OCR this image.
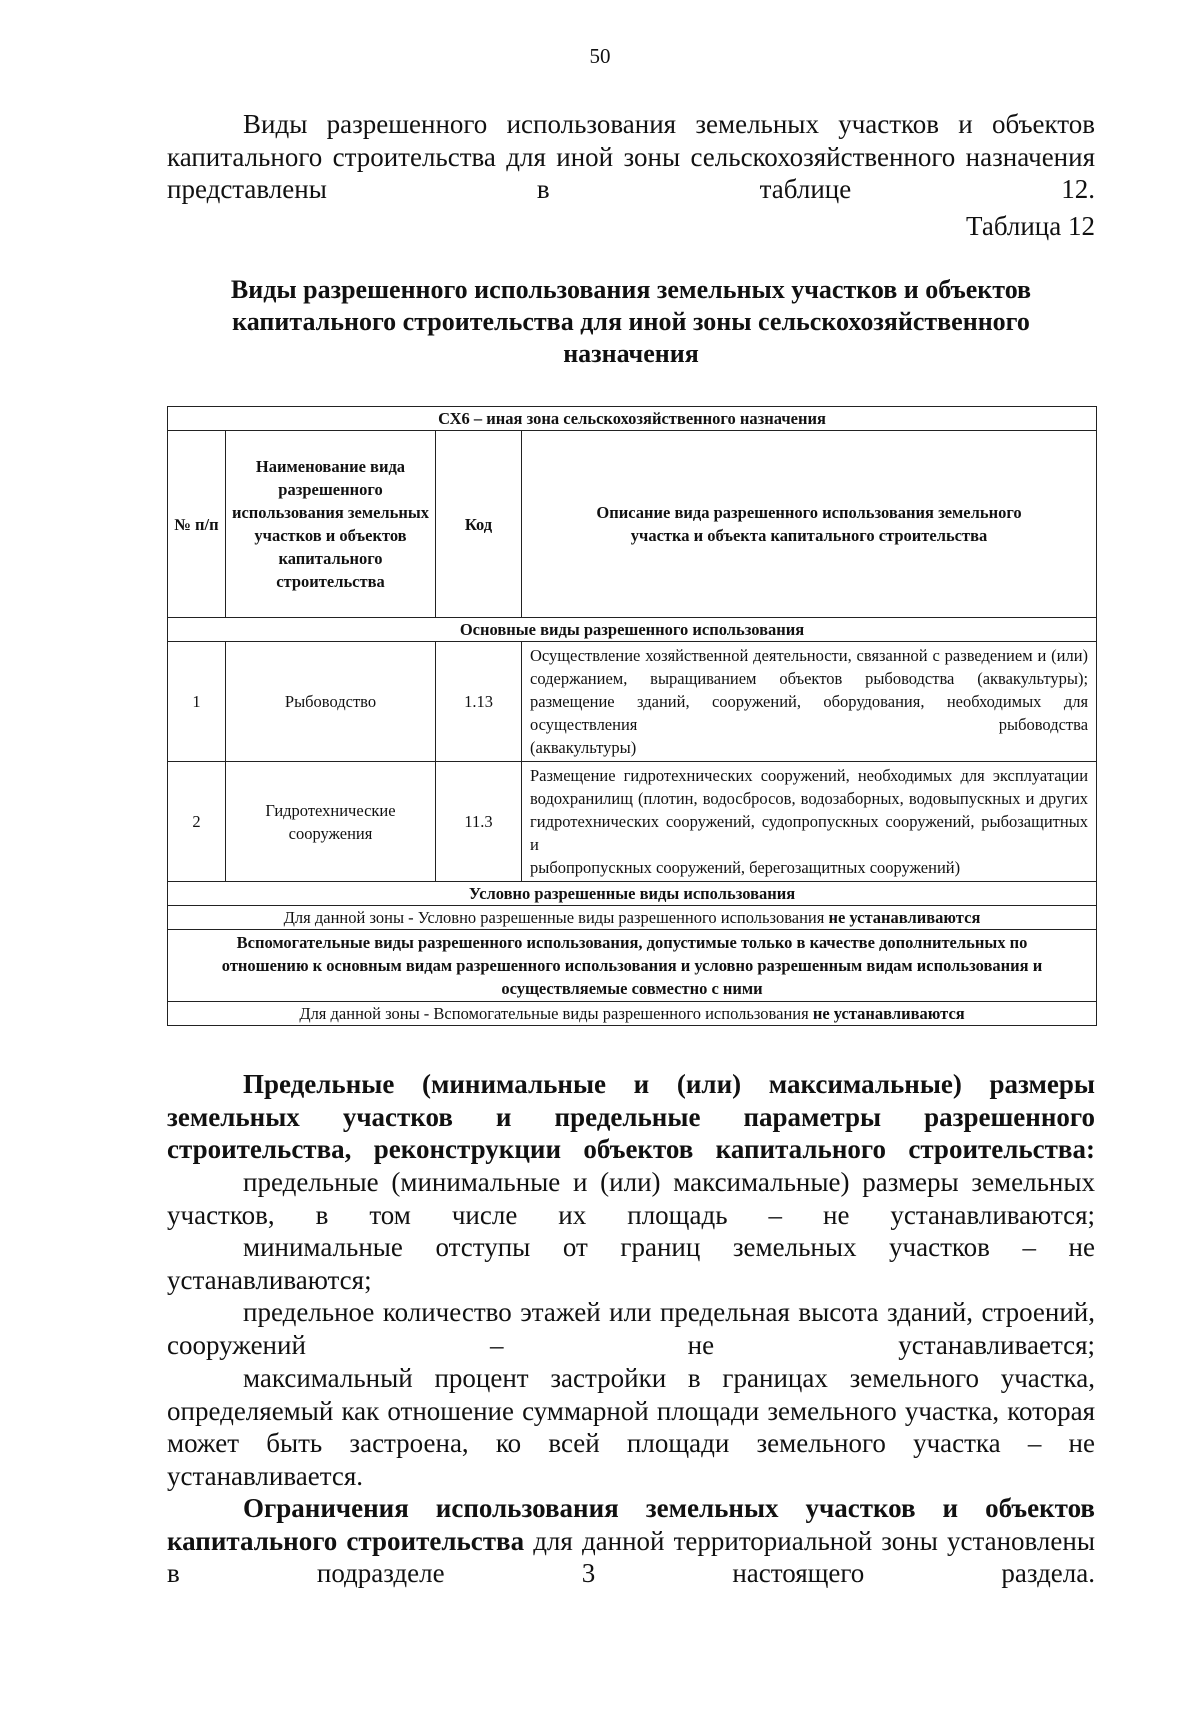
50
Виды разрешенного использования земельных участков и объектов капитального строительства для иной зоны сельскохозяйственного назначения представлены в таблице 12.
Таблица 12
Виды разрешенного использования земельных участков и объектов капитального строительства для иной зоны сельскохозяйственного назначения
СХ6 – иная зона сельскохозяйственного назначения			
№ п/п	Наименование вида разрешенного использования земельных участков и объектов капитального строительства	Код	Описание вида разрешенного использования земельного участка и объекта капитального строительства
Основные виды разрешенного использования			
1	Рыбоводство	1.13	Осуществление хозяйственной деятельности, связанной с разведением и (или) содержанием, выращиванием объектов рыбоводства (аквакультуры); размещение зданий, сооружений, оборудования, необходимых для осуществления рыбоводства
(аквакультуры)

2	Гидротехнические сооружения	11.3	Размещение гидротехнических сооружений, необходимых для эксплуатации водохранилищ (плотин, водосбросов, водозаборных, водовыпускных и других гидротехнических сооружений, судопропускных сооружений, рыбозащитных и
рыбопропускных сооружений, берегозащитных сооружений)

Условно разрешенные виды использования			
Для данной зоны - Условно разрешенные виды разрешенного использования не устанавливаются			
Вспомогательные виды разрешенного использования, допустимые только в качестве дополнительных по отношению к основным видам разрешенного использования и условно разрешенным видам использования и осуществляемые совместно с ними			
Для данной зоны - Вспомогательные виды разрешенного использования не устанавливаются			
Предельные (минимальные и (или) максимальные) размеры земельных участков и предельные параметры разрешенного строительства, реконструкции объектов капитального строительства:
предельные (минимальные и (или) максимальные) размеры земельных участков, в том числе их площадь – не устанавливаются;
минимальные отступы от границ земельных участков – не устанавливаются;
предельное количество этажей или предельная высота зданий, строений, сооружений – не устанавливается;
максимальный процент застройки в границах земельного участка, определяемый как отношение суммарной площади земельного участка, которая может быть застроена, ко всей площади земельного участка – не устанавливается.
Ограничения использования земельных участков и объектов капитального строительства для данной территориальной зоны установлены в подразделе 3 настоящего раздела.
